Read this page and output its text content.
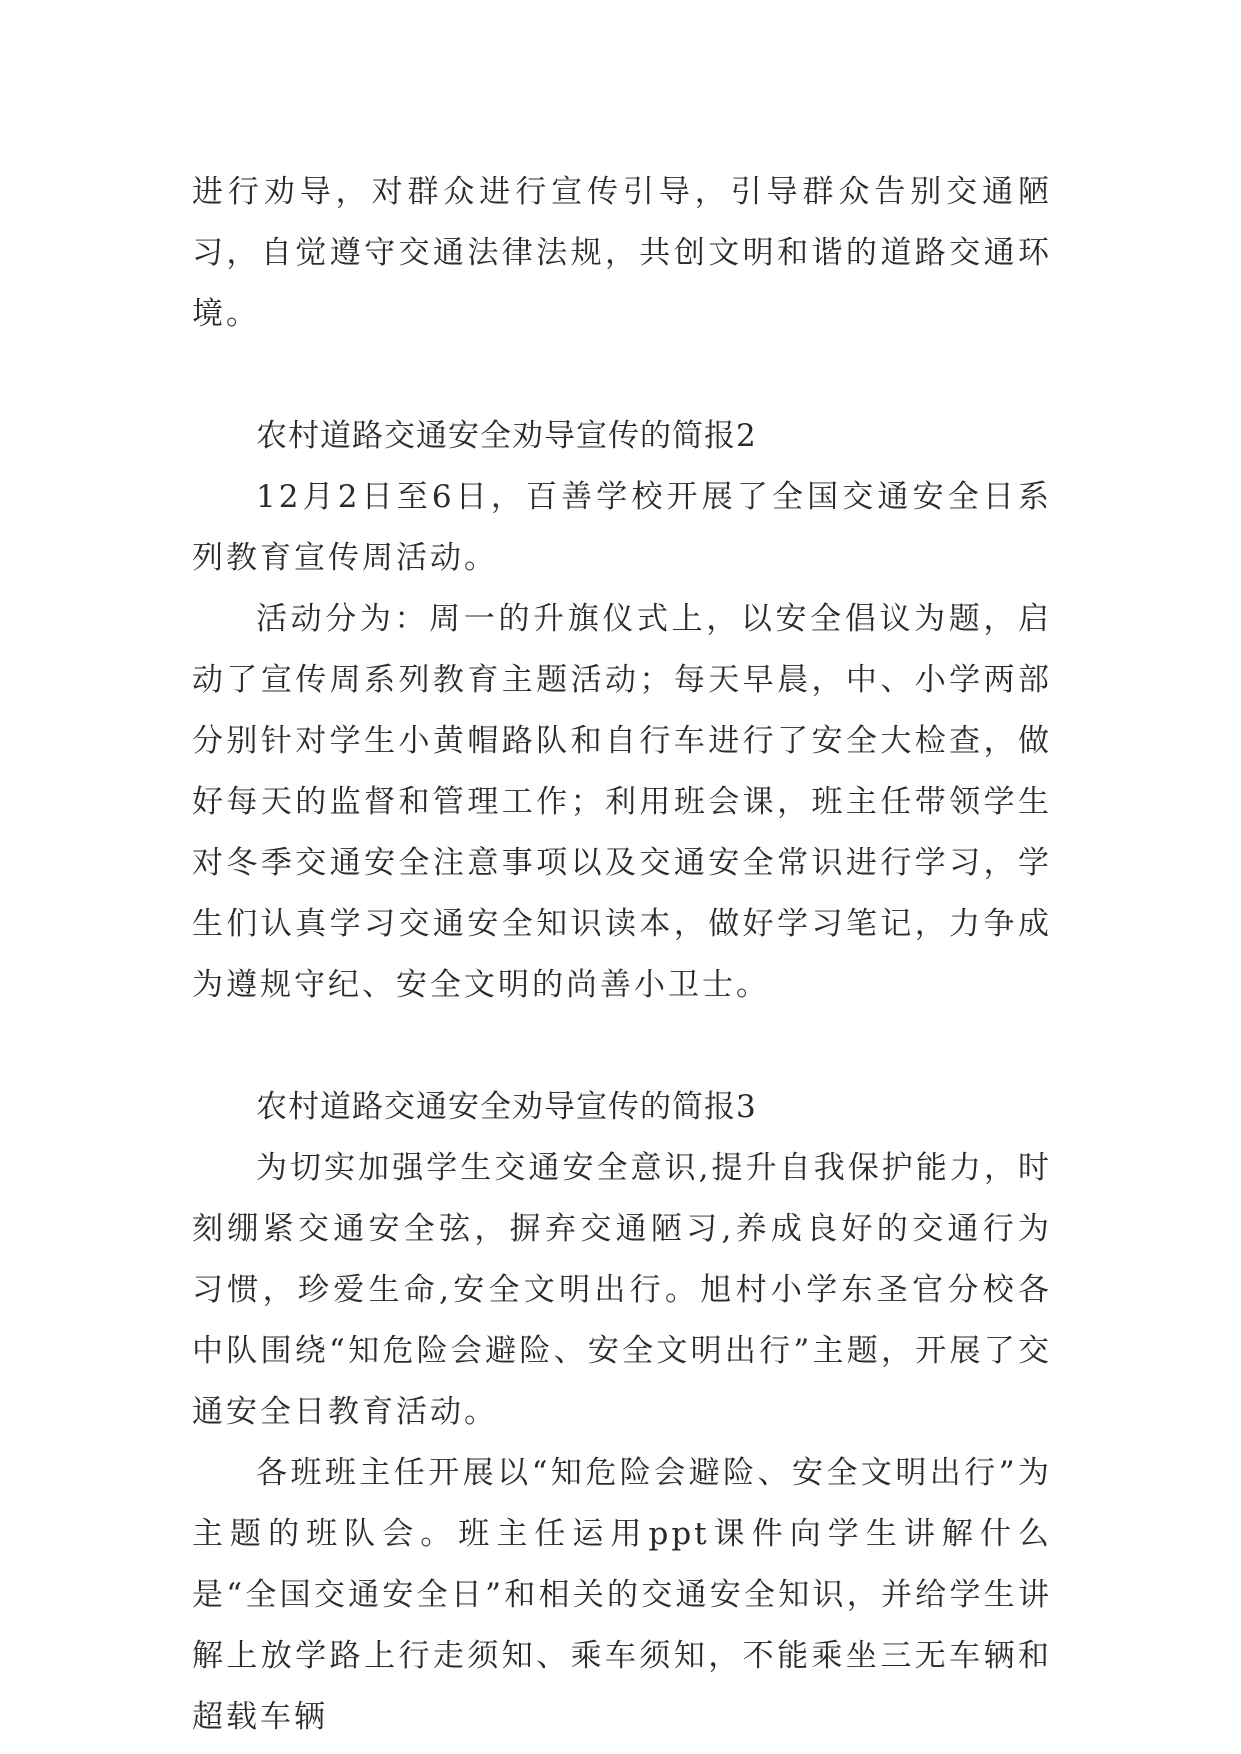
进行劝导，对群众进行宣传引导，引导群众告别交通陋习，自觉遵守交通法律法规，共创文明和谐的道路交通环境。

农村道路交通安全劝导宣传的简报2

12月2日至6日，百善学校开展了全国交通安全日系列教育宣传周活动。

活动分为：周一的升旗仪式上，以安全倡议为题，启动了宣传周系列教育主题活动；每天早晨，中、小学两部分别针对学生小黄帽路队和自行车进行了安全大检查，做好每天的监督和管理工作；利用班会课，班主任带领学生对冬季交通安全注意事项以及交通安全常识进行学习，学生们认真学习交通安全知识读本，做好学习笔记，力争成为遵规守纪、安全文明的尚善小卫士。

农村道路交通安全劝导宣传的简报3

为切实加强学生交通安全意识,提升自我保护能力，时刻绷紧交通安全弦，摒弃交通陋习,养成良好的交通行为习惯，珍爱生命,安全文明出行。旭村小学东圣官分校各中队围绕“知危险会避险、安全文明出行”主题，开展了交通安全日教育活动。

各班班主任开展以“知危险会避险、安全文明出行”为主题的班队会。班主任运用ppt课件向学生讲解什么是“全国交通安全日”和相关的交通安全知识，并给学生讲解上放学路上行走须知、乘车须知，不能乘坐三无车辆和超载车辆
